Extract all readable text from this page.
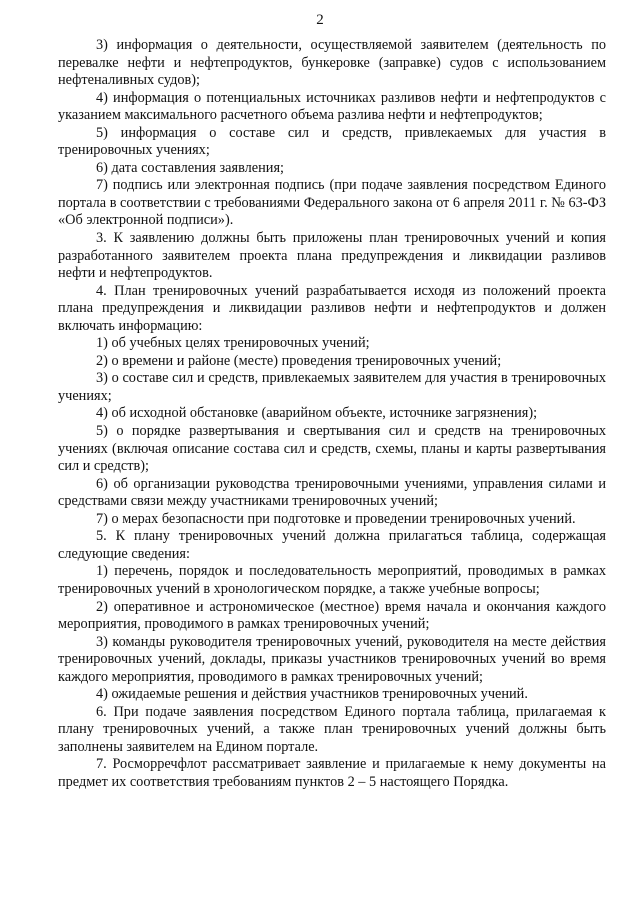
2

3) информация о деятельности, осуществляемой заявителем (деятельность по перевалке нефти и нефтепродуктов, бункеровке (заправке) судов с использованием нефтеналивных судов);

4) информация о потенциальных источниках разливов нефти и нефтепродуктов с указанием максимального расчетного объема разлива нефти и нефтепродуктов;

5) информация о составе сил и средств, привлекаемых для участия в тренировочных учениях;

6) дата составления заявления;

7) подпись или электронная подпись (при подаче заявления посредством Единого портала в соответствии с требованиями Федерального закона от 6 апреля 2011 г. № 63-ФЗ «Об электронной подписи»).

3. К заявлению должны быть приложены план тренировочных учений и копия разработанного заявителем проекта плана предупреждения и ликвидации разливов нефти и нефтепродуктов.

4. План тренировочных учений разрабатывается исходя из положений проекта плана предупреждения и ликвидации разливов нефти и нефтепродуктов и должен включать информацию:

1) об учебных целях тренировочных учений;

2) о времени и районе (месте) проведения тренировочных учений;

3) о составе сил и средств, привлекаемых заявителем для участия в тренировочных учениях;

4) об исходной обстановке (аварийном объекте, источнике загрязнения);

5) о порядке развертывания и свертывания сил и средств на тренировочных учениях (включая описание состава сил и средств, схемы, планы и карты развертывания сил и средств);

6) об организации руководства тренировочными учениями, управления силами и средствами связи между участниками тренировочных учений;

7) о мерах безопасности при подготовке и проведении тренировочных учений.

5. К плану тренировочных учений должна прилагаться таблица, содержащая следующие сведения:

1) перечень, порядок и последовательность мероприятий, проводимых в рамках тренировочных учений в хронологическом порядке, а также учебные вопросы;

2) оперативное и астрономическое (местное) время начала и окончания каждого мероприятия, проводимого в рамках тренировочных учений;

3) команды руководителя тренировочных учений, руководителя на месте действия тренировочных учений, доклады, приказы участников тренировочных учений во время каждого мероприятия, проводимого в рамках тренировочных учений;

4) ожидаемые решения и действия участников тренировочных учений.

6. При подаче заявления посредством Единого портала таблица, прилагаемая к плану тренировочных учений, а также план тренировочных учений должны быть заполнены заявителем на Едином портале.

7. Росморречфлот рассматривает заявление и прилагаемые к нему документы на предмет их соответствия требованиям пунктов 2 – 5 настоящего Порядка.
